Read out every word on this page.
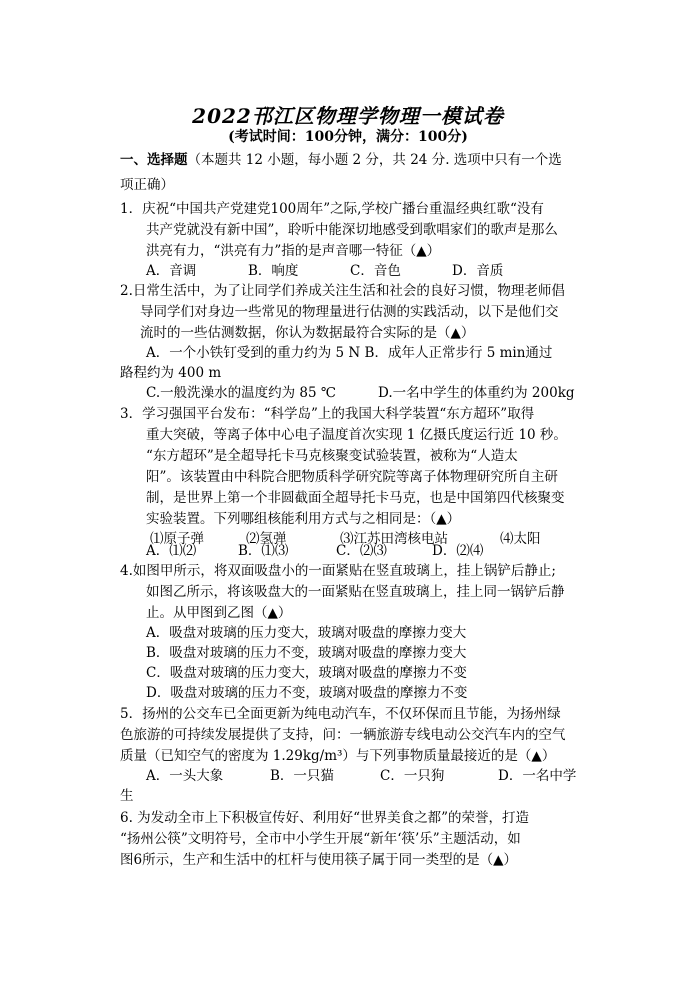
2022邗江区物理学物理一模试卷
(考试时间：100分钟，满分：100分)
一、选择题（本题共 12 小题，每小题 2 分，共 24 分. 选项中只有一个选
项正确）
1．庆祝“中国共产党建党100周年”之际,学校广播台重温经典红歌“没有
共产党就没有新中国”，聆听中能深切地感受到歌唱家们的歌声是那么
洪亮有力，“洪亮有力”指的是声音哪一特征（▲）
A．音调	B．响度	C．音色	D．音质
2.日常生活中，为了让同学们养成关注生活和社会的良好习惯，物理老师倡
导同学们对身边一些常见的物理量进行估测的实践活动，以下是他们交
流时的一些估测数据，你认为数据最符合实际的是（▲）
A．一个小铁钉受到的重力约为 5 N B．成年人正常步行 5 min通过
路程约为 400 m
C.一般洗澡水的温度约为 85 ℃	D.一名中学生的体重约为 200kg
3．学习强国平台发布：“科学岛”上的我国大科学装置“东方超环”取得
重大突破，等离子体中心电子温度首次实现 1 亿摄氏度运行近 10 秒。
“东方超环”是全超导托卡马克核聚变试验装置，被称为“人造太
阳”。该装置由中科院合肥物质科学研究院等离子体物理研究所自主研
制，是世界上第一个非圆截面全超导托卡马克，也是中国第四代核聚变
实验装置。下列哪组核能利用方式与之相同是：（▲）
⑴原子弹	⑵氢弹	⑶江苏田湾核电站	⑷太阳
A．⑴⑵	B．⑴⑶	C．⑵⑶	D．⑵⑷
4.如图甲所示，将双面吸盘小的一面紧贴在竖直玻璃上，挂上锅铲后静止;
如图乙所示，将该吸盘大的一面紧贴在竖直玻璃上，挂上同一锅铲后静
止。从甲图到乙图（▲）
A．吸盘对玻璃的压力变大，玻璃对吸盘的摩擦力变大
B．吸盘对玻璃的压力不变，玻璃对吸盘的摩擦力变大
C．吸盘对玻璃的压力变大，玻璃对吸盘的摩擦力不变
D．吸盘对玻璃的压力不变，玻璃对吸盘的摩擦力不变
5．扬州的公交车已全面更新为纯电动汽车，不仅环保而且节能，为扬州绿
色旅游的可持续发展提供了支持，问：一辆旅游专线电动公交汽车内的空气
质量（已知空气的密度为 1.29kg/m³）与下列事物质量最接近的是（▲）
A．一头大象	B．一只猫	C．一只狗	D．一名中学
生
6. 为发动全市上下积极宣传好、利用好“世界美食之都”的荣誉，打造
“扬州公筷”文明符号，全市中小学生开展“新年‘筷’乐”主题活动，如
图6所示，生产和生活中的杠杆与使用筷子属于同一类型的是（▲）
